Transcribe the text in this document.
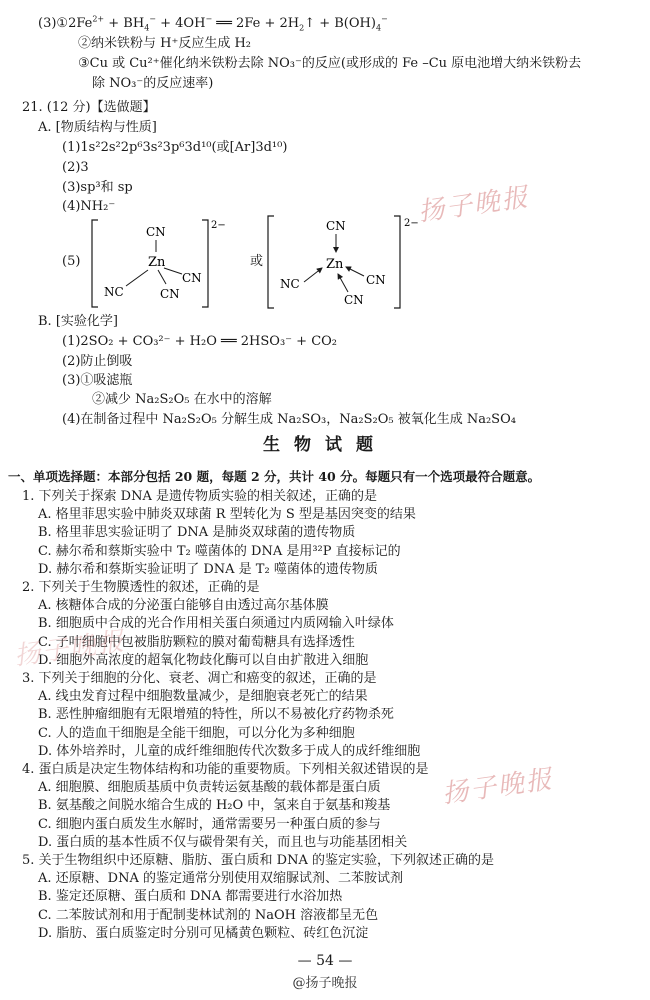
$(3)①2Fe^{2+} + BH_4^- + 4OH^-$ ══ $2Fe + 2H_2↑ + B(OH)_4^-$
②纳米铁粉与 H⁺反应生成 H₂
③Cu 或 Cu²⁺催化纳米铁粉去除 NO₃⁻的反应(或形成的 Fe –Cu 原电池增大纳米铁粉去
除 NO₃⁻的反应速率)
21. (12 分)【选做题】
A. [物质结构与性质]
(1)1s²2s²2p⁶3s²3p⁶3d¹⁰(或[Ar]3d¹⁰)
(2)3
(3)sp³和 sp
(4)NH₂⁻
(5)
CN
Zn
NC
CN
CN
2−
或
CN
Zn
NC	CN
CN
2−
B. [实验化学]
(1)2SO₂ + CO₃²⁻ + H₂O ══ 2HSO₃⁻ + CO₂
(2)防止倒吸
(3)①吸滤瓶
②减少 Na₂S₂O₅ 在水中的溶解
(4)在制备过程中 Na₂S₂O₅ 分解生成 Na₂SO₃，Na₂S₂O₅ 被氧化生成 Na₂SO₄
生物试题
一、单项选择题：本部分包括 20 题，每题 2 分，共计 40 分。每题只有一个选项最符合题意。
1. 下列关于探索 DNA 是遗传物质实验的相关叙述，正确的是
A. 格里菲思实验中肺炎双球菌 R 型转化为 S 型是基因突变的结果
B. 格里菲思实验证明了 DNA 是肺炎双球菌的遗传物质
C. 赫尔希和蔡斯实验中 T₂ 噬菌体的 DNA 是用³²P 直接标记的
D. 赫尔希和蔡斯实验证明了 DNA 是 T₂ 噬菌体的遗传物质
2. 下列关于生物膜透性的叙述，正确的是
A. 核糖体合成的分泌蛋白能够自由透过高尔基体膜
B. 细胞质中合成的光合作用相关蛋白须通过内质网输入叶绿体
C. 子叶细胞中包被脂肪颗粒的膜对葡萄糖具有选择透性
D. 细胞外高浓度的超氧化物歧化酶可以自由扩散进入细胞
3. 下列关于细胞的分化、衰老、凋亡和癌变的叙述，正确的是
A. 线虫发育过程中细胞数量减少，是细胞衰老死亡的结果
B. 恶性肿瘤细胞有无限增殖的特性，所以不易被化疗药物杀死
C. 人的造血干细胞是全能干细胞，可以分化为多种细胞
D. 体外培养时，儿童的成纤维细胞传代次数多于成人的成纤维细胞
4. 蛋白质是决定生物体结构和功能的重要物质。下列相关叙述错误的是
A. 细胞膜、细胞质基质中负责转运氨基酸的载体都是蛋白质
B. 氨基酸之间脱水缩合生成的 H₂O 中，氢来自于氨基和羧基
C. 细胞内蛋白质发生水解时，通常需要另一种蛋白质的参与
D. 蛋白质的基本性质不仅与碳骨架有关，而且也与功能基团相关
5. 关于生物组织中还原糖、脂肪、蛋白质和 DNA 的鉴定实验，下列叙述正确的是
A. 还原糖、DNA 的鉴定通常分别使用双缩脲试剂、二苯胺试剂
B. 鉴定还原糖、蛋白质和 DNA 都需要进行水浴加热
C. 二苯胺试剂和用于配制斐林试剂的 NaOH 溶液都呈无色
D. 脂肪、蛋白质鉴定时分别可见橘黄色颗粒、砖红色沉淀
扬子晚报
扬子晚报
扬子晚报
— 54 —
@扬子晚报
